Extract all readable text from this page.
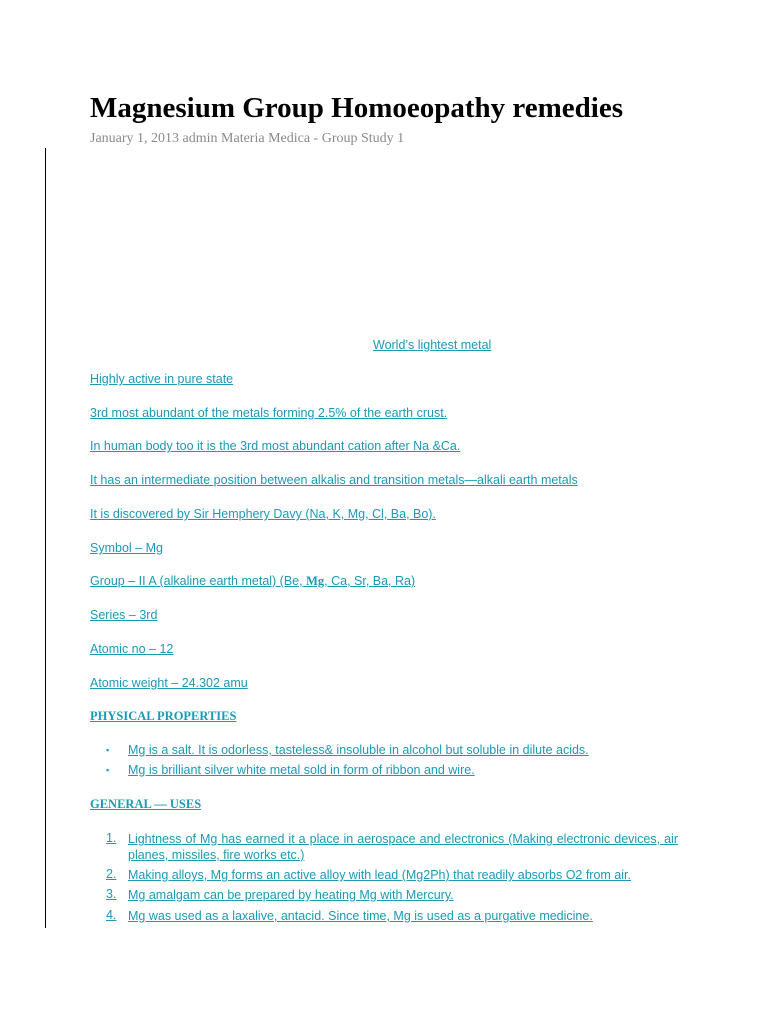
Magnesium Group Homoeopathy remedies
January 1, 2013 admin Materia Medica - Group Study 1
World’s lightest metal
Highly active in pure state
3rd most abundant of the metals forming 2.5% of the earth crust.
In human body too it is the 3rd most abundant cation after Na &Ca.
It has an intermediate position between alkalis and transition metals—alkali earth metals
It is discovered by Sir Hemphery Davy (Na, K, Mg, Cl, Ba, Bo).
Symbol – Mg
Group – II A (alkaline earth metal) (Be, Mg, Ca, Sr, Ba, Ra)
Series – 3rd
Atomic no – 12
Atomic weight – 24.302 amu
PHYSICAL PROPERTIES
▪ Mg is a salt. It is odorless, tasteless& insoluble in alcohol but soluble in dilute acids.
▪ Mg is brilliant silver white metal sold in form of ribbon and wire.
GENERAL — USES
1. Lightness of Mg has earned it a place in aerospace and electronics (Making electronic devices, air planes, missiles, fire works etc.)
2. Making alloys, Mg forms an active alloy with lead (Mg2Ph) that readily absorbs O2 from air.
3. Mg amalgam can be prepared by heating Mg with Mercury.
4. Mg was used as a laxalive, antacid. Since time, Mg is used as a purgative medicine.
